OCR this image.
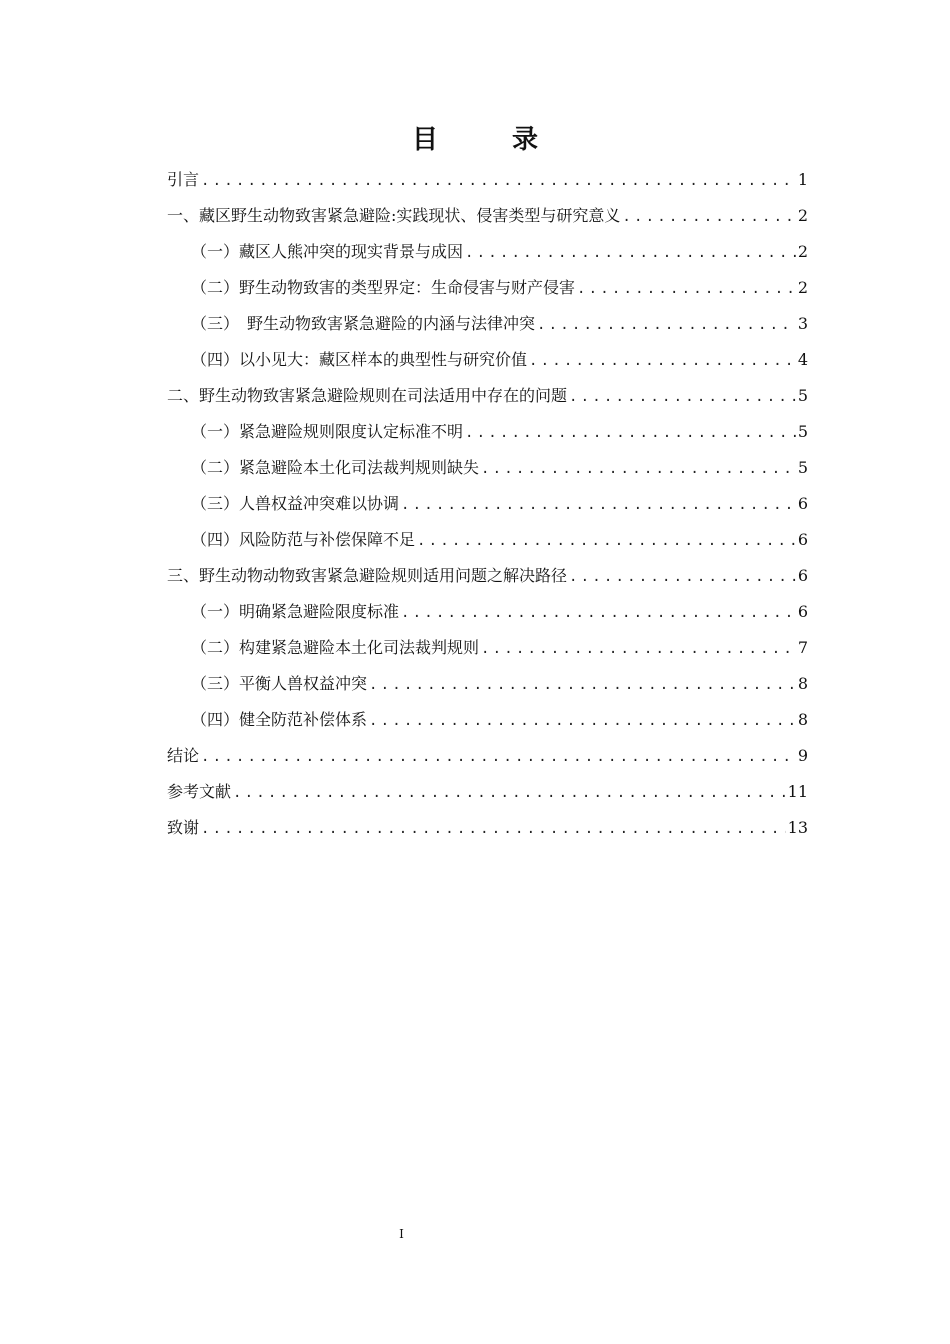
目　录
引言 .....	1
一、藏区野生动物致害紧急避险:实践现状、侵害类型与研究意义 .....	2
（一）藏区人熊冲突的现实背景与成因 .....	2
（二）野生动物致害的类型界定：生命侵害与财产侵害 .....	2
（三）　野生动物致害紧急避险的内涵与法律冲突 .....	3
（四）以小见大：藏区样本的典型性与研究价值 .....	4
二、野生动物致害紧急避险规则在司法适用中存在的问题 .....	5
（一）紧急避险规则限度认定标准不明 .....	5
（二）紧急避险本土化司法裁判规则缺失 .....	5
（三）人兽权益冲突难以协调 .....	6
（四）风险防范与补偿保障不足 .....	6
三、野生动物动物致害紧急避险规则适用问题之解决路径 .....	6
（一）明确紧急避险限度标准 .....	6
（二）构建紧急避险本土化司法裁判规则 .....	7
（三）平衡人兽权益冲突 .....	8
（四）健全防范补偿体系 .....	8
结论 .....	9
参考文献 .....	11
致谢 .....	13
I
